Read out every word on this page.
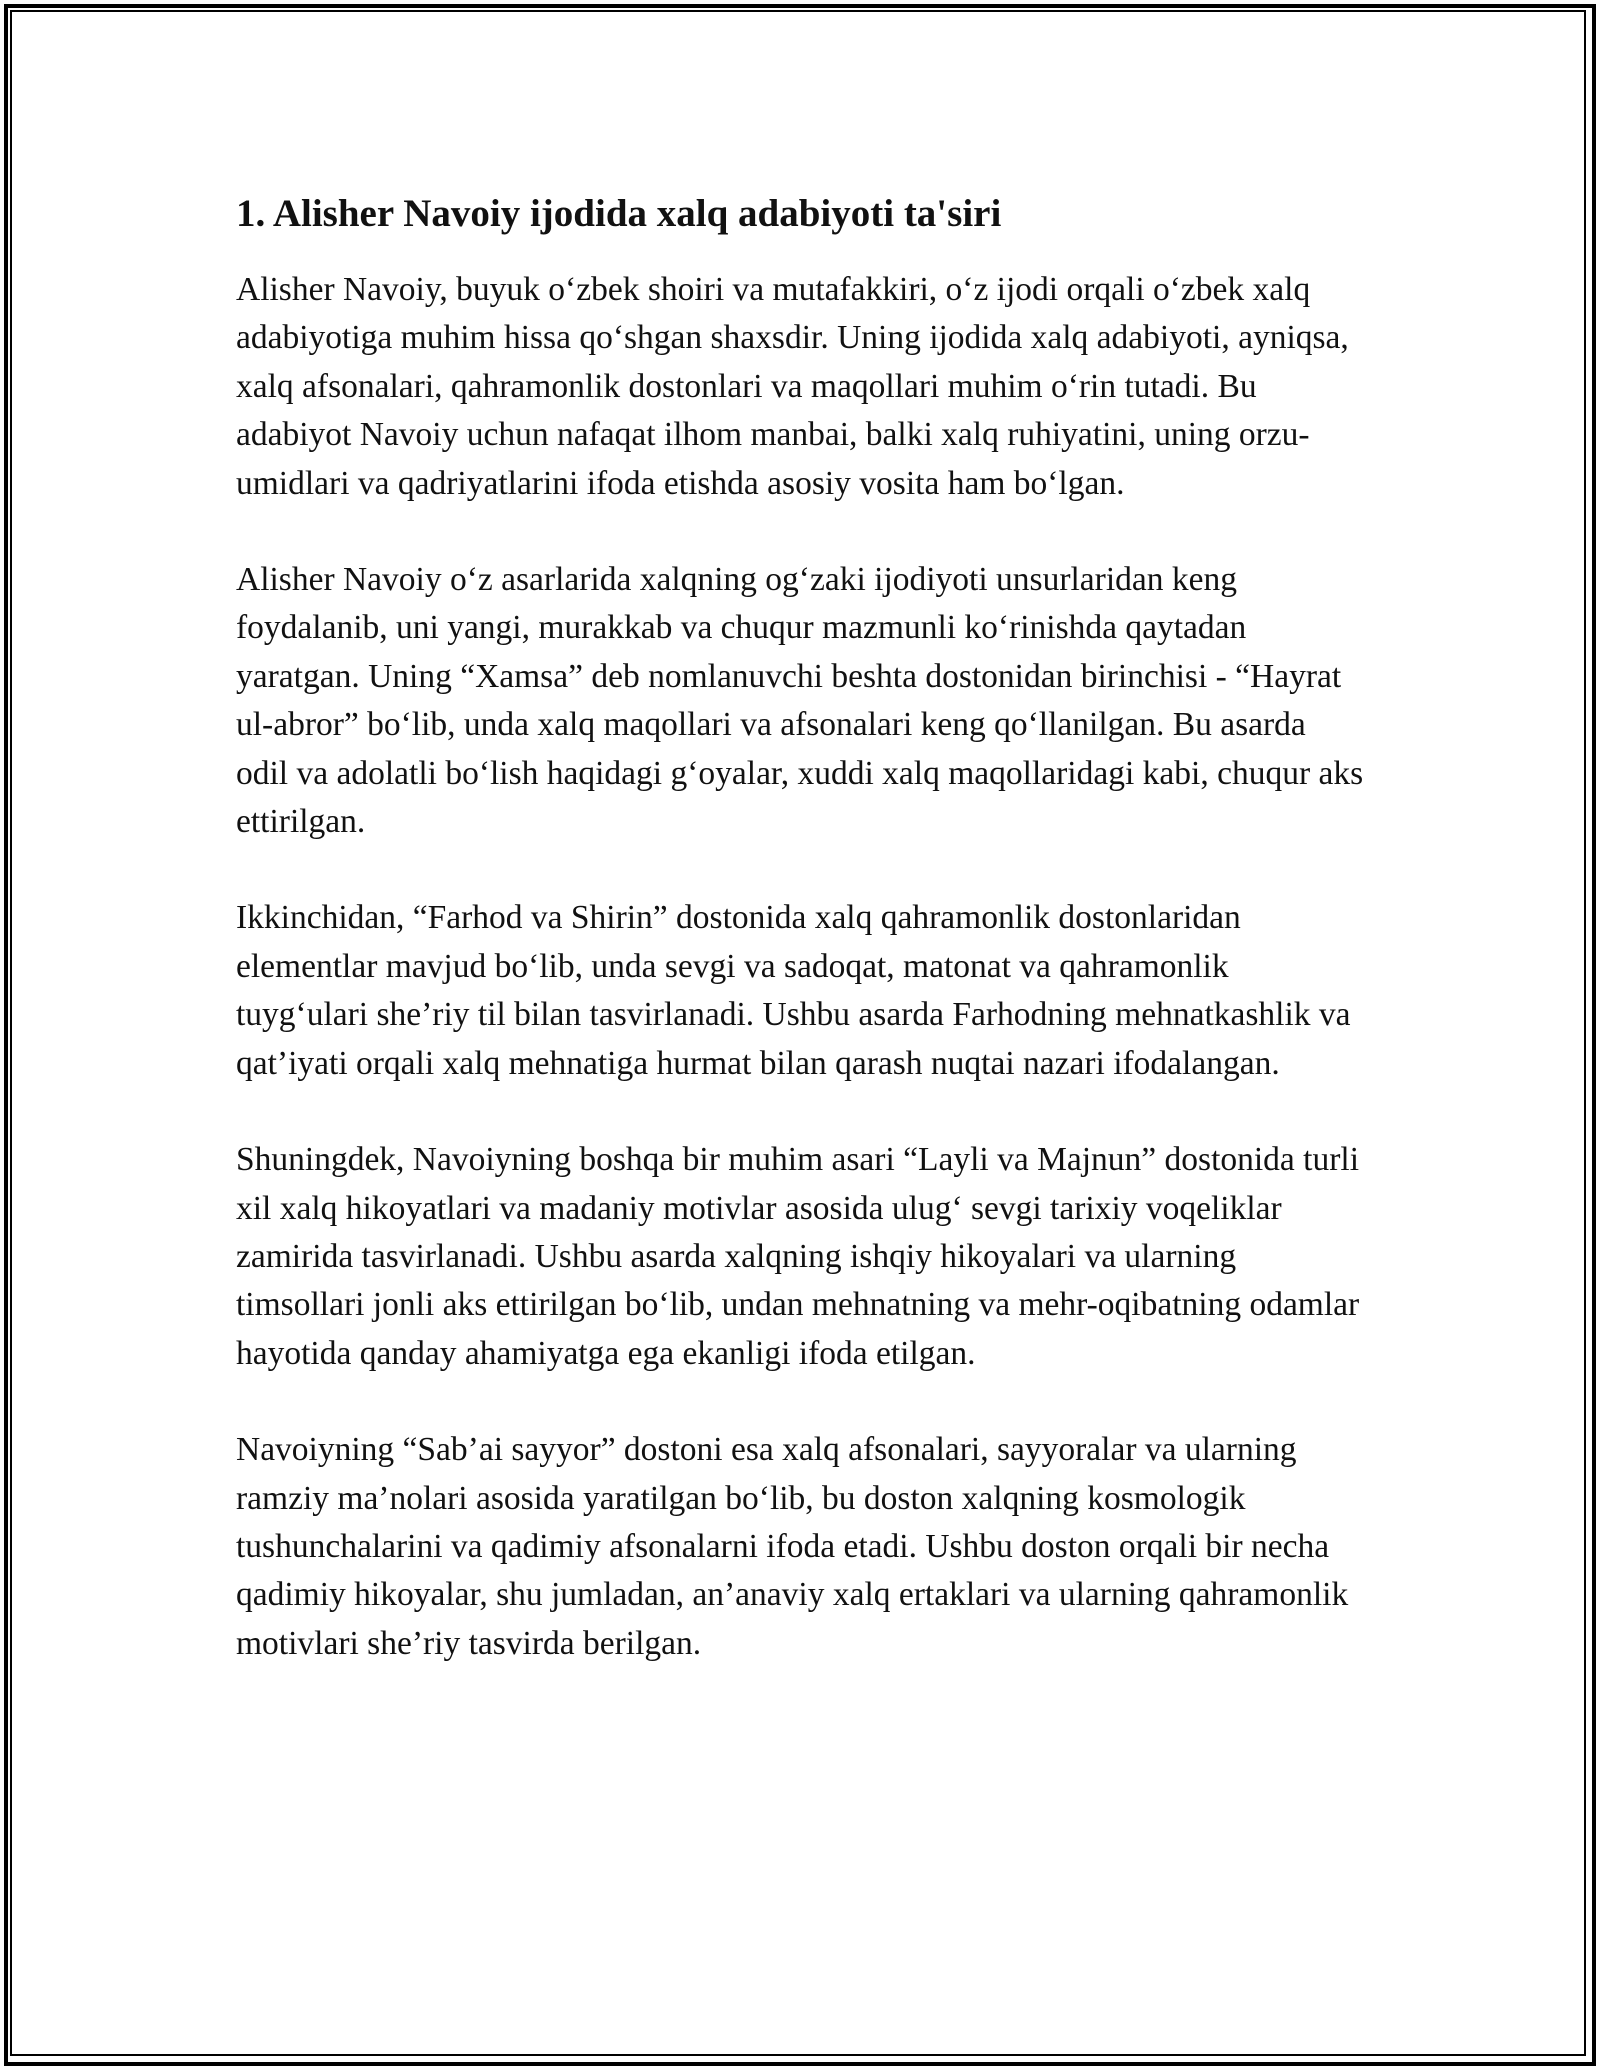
1. Alisher Navoiy ijodida xalq adabiyoti ta'siri

Alisher Navoiy, buyuk o‘zbek shoiri va mutafakkiri, o‘z ijodi orqali o‘zbek xalq adabiyotiga muhim hissa qo‘shgan shaxsdir. Uning ijodida xalq adabiyoti, ayniqsa, xalq afsonalari, qahramonlik dostonlari va maqollari muhim o‘rin tutadi. Bu adabiyot Navoiy uchun nafaqat ilhom manbai, balki xalq ruhiyatini, uning orzu-umidlari va qadriyatlarini ifoda etishda asosiy vosita ham bo‘lgan.

Alisher Navoiy o‘z asarlarida xalqning og‘zaki ijodiyoti unsurlaridan keng foydalanib, uni yangi, murakkab va chuqur mazmunli ko‘rinishda qaytadan yaratgan. Uning “Xamsa” deb nomlanuvchi beshta dostonidan birinchisi - “Hayrat ul-abror” bo‘lib, unda xalq maqollari va afsonalari keng qo‘llanilgan. Bu asarda odil va adolatli bo‘lish haqidagi g‘oyalar, xuddi xalq maqollaridagi kabi, chuqur aks ettirilgan.

Ikkinchidan, “Farhod va Shirin” dostonida xalq qahramonlik dostonlaridan elementlar mavjud bo‘lib, unda sevgi va sadoqat, matonat va qahramonlik tuyg‘ulari she’riy til bilan tasvirlanadi. Ushbu asarda Farhodning mehnatkashlik va qat’iyati orqali xalq mehnatiga hurmat bilan qarash nuqtai nazari ifodalangan.

Shuningdek, Navoiyning boshqa bir muhim asari “Layli va Majnun” dostonida turli xil xalq hikoyatlari va madaniy motivlar asosida ulug‘ sevgi tarixiy voqeliklar zamirida tasvirlanadi. Ushbu asarda xalqning ishqiy hikoyalari va ularning timsollari jonli aks ettirilgan bo‘lib, undan mehnatning va mehr-oqibatning odamlar hayotida qanday ahamiyatga ega ekanligi ifoda etilgan.

Navoiyning “Sab’ai sayyor” dostoni esa xalq afsonalari, sayyoralar va ularning ramziy ma’nolari asosida yaratilgan bo‘lib, bu doston xalqning kosmologik tushunchalarini va qadimiy afsonalarni ifoda etadi. Ushbu doston orqali bir necha qadimiy hikoyalar, shu jumladan, an’anaviy xalq ertaklari va ularning qahramonlik motivlari she’riy tasvirda berilgan.
